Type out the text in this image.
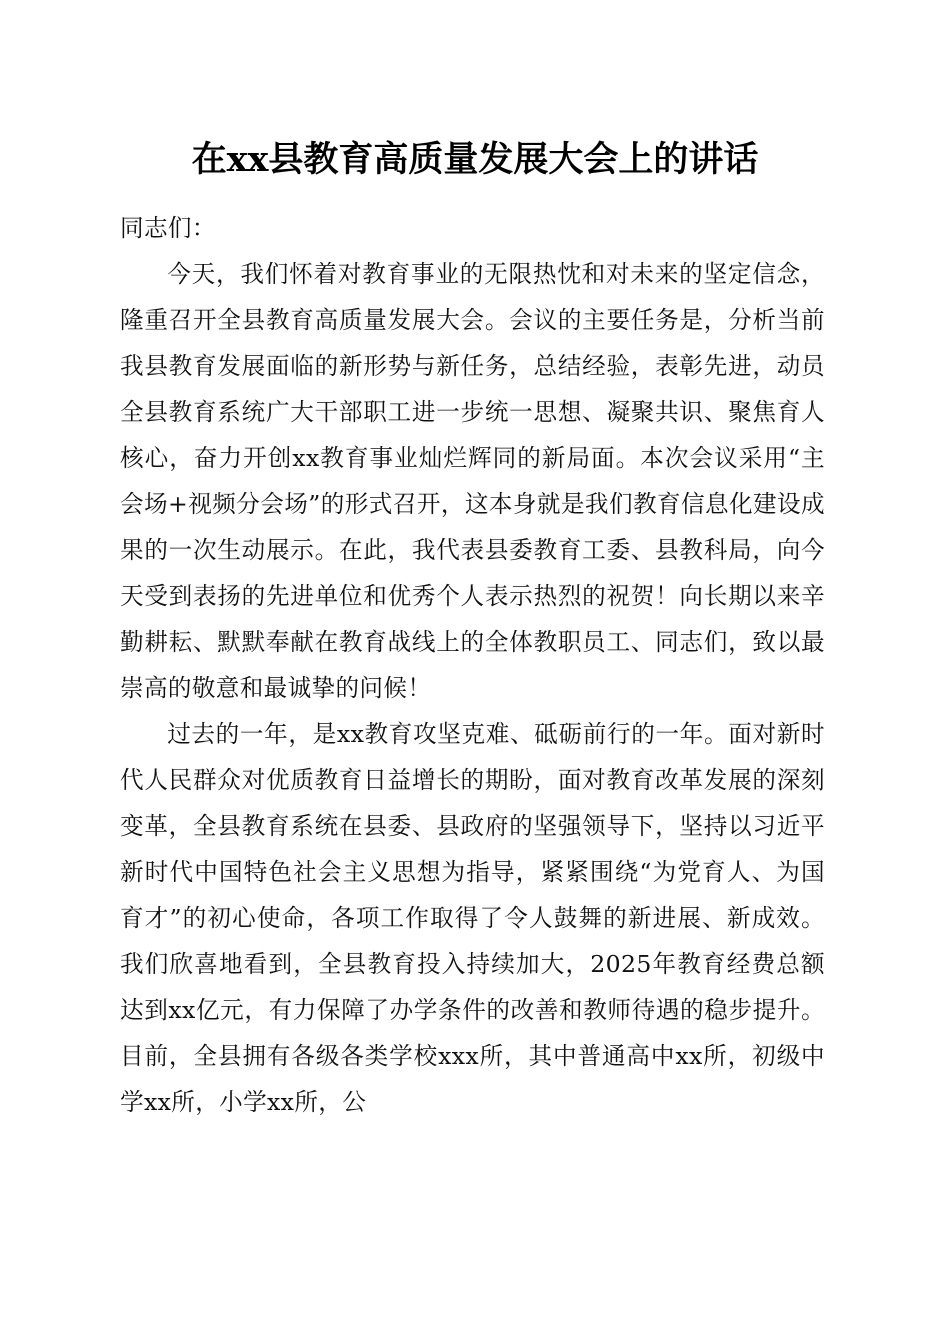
在xx县教育高质量发展大会上的讲话

同志们：

今天，我们怀着对教育事业的无限热忱和对未来的坚定信念，隆重召开全县教育高质量发展大会。会议的主要任务是，分析当前我县教育发展面临的新形势与新任务，总结经验，表彰先进，动员全县教育系统广大干部职工进一步统一思想、凝聚共识、聚焦育人核心，奋力开创xx教育事业灿烂辉同的新局面。本次会议采用“主会场+视频分会场”的形式召开，这本身就是我们教育信息化建设成果的一次生动展示。在此，我代表县委教育工委、县教科局，向今天受到表扬的先进单位和优秀个人表示热烈的祝贺！向长期以来辛勤耕耘、默默奉献在教育战线上的全体教职员工、同志们，致以最崇高的敬意和最诚挚的问候！

过去的一年，是xx教育攻坚克难、砥砺前行的一年。面对新时代人民群众对优质教育日益增长的期盼，面对教育改革发展的深刻变革，全县教育系统在县委、县政府的坚强领导下，坚持以习近平新时代中国特色社会主义思想为指导，紧紧围绕“为党育人、为国育才”的初心使命，各项工作取得了令人鼓舞的新进展、新成效。我们欣喜地看到，全县教育投入持续加大，2025年教育经费总额达到xx亿元，有力保障了办学条件的改善和教师待遇的稳步提升。目前，全县拥有各级各类学校xxx所，其中普通高中xx所，初级中学xx所，小学xx所，公
